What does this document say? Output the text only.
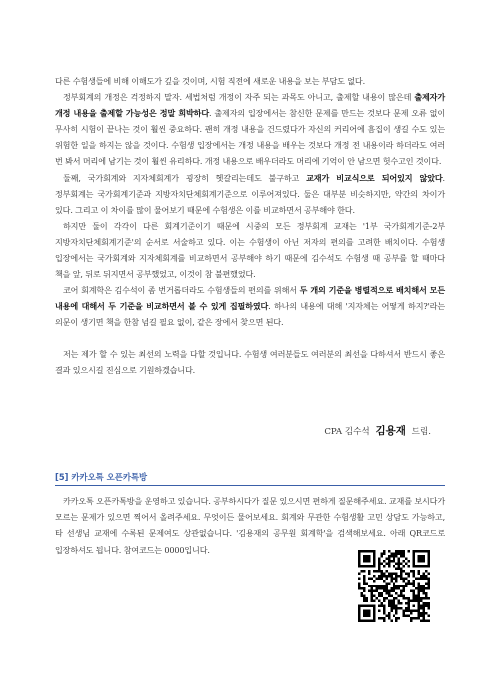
다른 수험생들에 비해 이해도가 깊을 것이며, 시험 직전에 새로운 내용을 보는 부담도 없다.

정부회계의 개정은 걱정하지 말자. 세법처럼 개정이 자주 되는 과목도 아니고, 출제할 내용이 많은데 출제자가 개정 내용을 출제할 가능성은 정말 희박하다. 출제자의 입장에서는 참신한 문제를 만드는 것보다 문제 오류 없이 무사히 시험이 끝나는 것이 훨씬 중요하다. 괜히 개정 내용을 건드렸다가 자신의 커리어에 흠집이 생길 수도 있는 위험한 일을 하지는 않을 것이다. 수험생 입장에서는 개정 내용을 배우는 것보다 개정 전 내용이라 하더라도 여러 번 봐서 머리에 남기는 것이 훨씬 유리하다. 개정 내용으로 배우더라도 머리에 기억이 안 남으면 헛수고인 것이다.

둘째, 국가회계와 지자체회계가 굉장히 헷갈리는데도 불구하고 교재가 비교식으로 되어있지 않았다. 정부회계는 국가회계기준과 지방자치단체회계기준으로 이루어져있다. 둘은 대부분 비슷하지만, 약간의 차이가 있다. 그리고 이 차이를 많이 물어보기 때문에 수험생은 이를 비교하면서 공부해야 한다.

하지만 둘이 각각이 다른 회계기준이기 때문에 시중의 모든 정부회계 교재는 '1부 국가회계기준-2부 지방자치단체회계기준'의 순서로 서술하고 있다. 이는 수험생이 아닌 저자의 편의를 고려한 배치이다. 수험생 입장에서는 국가회계와 지자체회계를 비교하면서 공부해야 하기 때문에 김수석도 수험생 때 공부를 할 때마다 책을 앞, 뒤로 뒤지면서 공부했었고, 이것이 참 불편했었다.

코어 회계학은 김수석이 좀 번거롭더라도 수험생들의 편의를 위해서 두 개의 기준을 병렬적으로 배치해서 모든 내용에 대해서 두 기준을 비교하면서 볼 수 있게 집필하였다. 하나의 내용에 대해 '지자체는 어떻게 하지?'라는 의문이 생기면 책을 한참 넘길 필요 없이, 같은 장에서 찾으면 된다.

저는 제가 할 수 있는 최선의 노력을 다할 것입니다. 수험생 여러분들도 여러분의 최선을 다하셔서 반드시 좋은 결과 있으시길 진심으로 기원하겠습니다.

CPA 김수석 김용재 드림.
[5] 카카오톡 오픈카톡방

카카오톡 오픈카톡방을 운영하고 있습니다. 공부하시다가 질문 있으시면 편하게 질문해주세요. 교재를 보시다가 모르는 문제가 있으면 찍어서 올려주세요. 무엇이든 물어보세요. 회계와 무관한 수험생활 고민 상담도 가능하고, 타 선생님 교재에 수록된 문제여도 상관없습니다. '김용재의 공무원 회계학'을 검색해보세요. 아래 QR코드로 입장하셔도 됩니다. 참여코드는 0000입니다.
